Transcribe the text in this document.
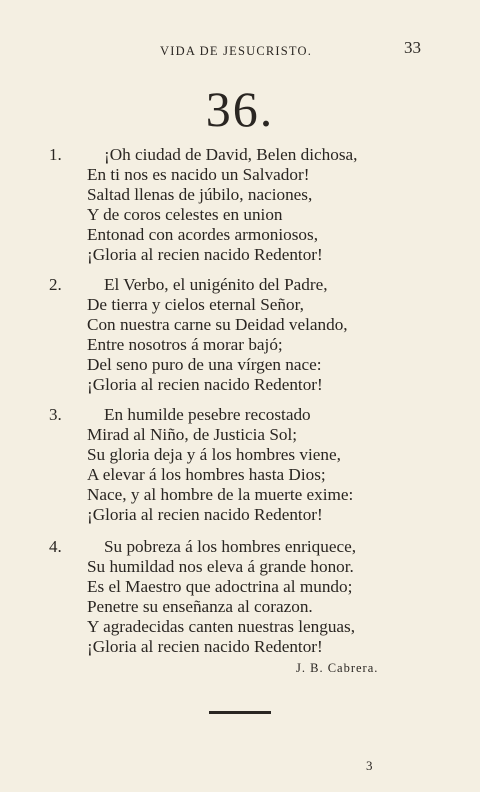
VIDA DE JESUCRISTO.	33
36.
1. ¡Oh ciudad de David, Belen dichosa,
En ti nos es nacido un Salvador!
Saltad llenas de júbilo, naciones,
Y de coros celestes en union
Entonad con acordes armoniosos,
¡Gloria al recien nacido Redentor!
2. El Verbo, el unigénito del Padre,
De tierra y cielos eternal Señor,
Con nuestra carne su Deidad velando,
Entre nosotros á morar bajó;
Del seno puro de una vírgen nace:
¡Gloria al recien nacido Redentor!
3. En humilde pesebre recostado
Mirad al Niño, de Justicia Sol;
Su gloria deja y á los hombres viene,
A elevar á los hombres hasta Dios;
Nace, y al hombre de la muerte exime:
¡Gloria al recien nacido Redentor!
4. Su pobreza á los hombres enriquece,
Su humildad nos eleva á grande honor.
Es el Maestro que adoctrina al mundo;
Penetre su enseñanza al corazon.
Y agradecidas canten nuestras lenguas,
¡Gloria al recien nacido Redentor!
J. B. Cabrera.
3
